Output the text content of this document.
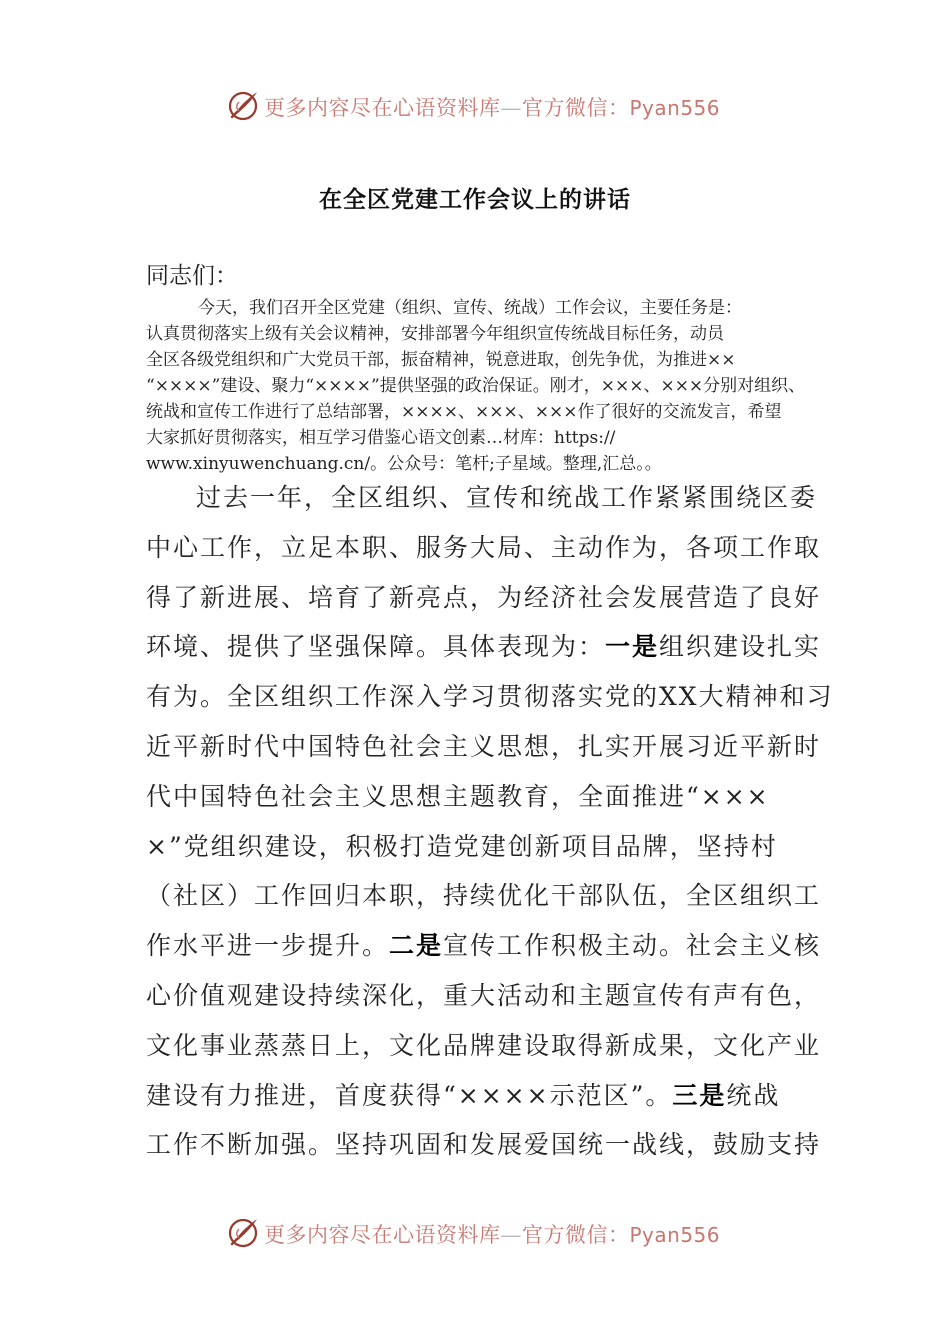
更多内容尽在心语资料库—官方微信：Pyan556
在全区党建工作会议上的讲话
同志们：
今天，我们召开全区党建（组织、宣传、统战）工作会议，主要任务是：
认真贯彻落实上级有关会议精神，安排部署今年组织宣传统战目标任务，动员
全区各级党组织和广大党员干部，振奋精神，锐意进取，创先争优，为推进××
“××××”建设、聚力“××××”提供坚强的政治保证。刚才，×××、×××分别对组织、
统战和宣传工作进行了总结部署，××××、×××、×××作了很好的交流发言，希望
大家抓好贯彻落实，相互学习借鉴心语文创素…材库：https://
www.xinyuwenchuang.cn/。公众号：笔杆;子星域。整理,汇总。。
过去一年，全区组织、宣传和统战工作紧紧围绕区委
中心工作，立足本职、服务大局、主动作为，各项工作取
得了新进展、培育了新亮点，为经济社会发展营造了良好
环境、提供了坚强保障。具体表现为：一是组织建设扎实
有为。全区组织工作深入学习贯彻落实党的XX大精神和习
近平新时代中国特色社会主义思想，扎实开展习近平新时
代中国特色社会主义思想主题教育，全面推进“×××
×”党组织建设，积极打造党建创新项目品牌，坚持村
（社区）工作回归本职，持续优化干部队伍，全区组织工
作水平进一步提升。二是宣传工作积极主动。社会主义核
心价值观建设持续深化，重大活动和主题宣传有声有色，
文化事业蒸蒸日上，文化品牌建设取得新成果，文化产业
建设有力推进，首度获得“××××示范区”。三是统战
工作不断加强。坚持巩固和发展爱国统一战线，鼓励支持
更多内容尽在心语资料库—官方微信：Pyan556
